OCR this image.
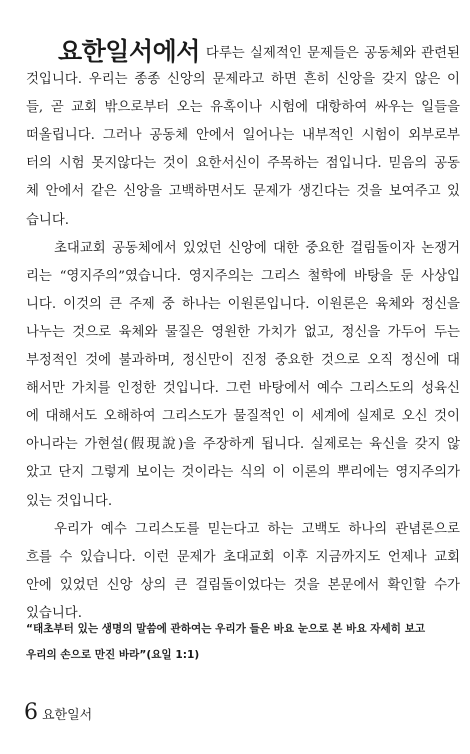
요한일서에서 다루는 실제적인 문제들은 공동체와 관련된
것입니다. 우리는 종종 신앙의 문제라고 하면 흔히 신앙을 갖지 않은 이
들, 곧 교회 밖으로부터 오는 유혹이나 시험에 대항하여 싸우는 일들을
떠올립니다. 그러나 공동체 안에서 일어나는 내부적인 시험이 외부로부
터의 시험 못지않다는 것이 요한서신이 주목하는 점입니다. 믿음의 공동
체 안에서 같은 신앙을 고백하면서도 문제가 생긴다는 것을 보여주고 있
습니다.
초대교회 공동체에서 있었던 신앙에 대한 중요한 걸림돌이자 논쟁거
리는 “영지주의”였습니다. 영지주의는 그리스 철학에 바탕을 둔 사상입
니다. 이것의 큰 주제 중 하나는 이원론입니다. 이원론은 육체와 정신을
나누는 것으로 육체와 물질은 영원한 가치가 없고, 정신을 가두어 두는
부정적인 것에 불과하며, 정신만이 진정 중요한 것으로 오직 정신에 대
해서만 가치를 인정한 것입니다. 그런 바탕에서 예수 그리스도의 성육신
에 대해서도 오해하여 그리스도가 물질적인 이 세계에 실제로 오신 것이
아니라는 가현설(假現說)을 주장하게 됩니다. 실제로는 육신을 갖지 않
았고 단지 그렇게 보이는 것이라는 식의 이 이론의 뿌리에는 영지주의가
있는 것입니다.
우리가 예수 그리스도를 믿는다고 하는 고백도 하나의 관념론으로
흐를 수 있습니다. 이런 문제가 초대교회 이후 지금까지도 언제나 교회
안에 있었던 신앙 상의 큰 걸림돌이었다는 것을 본문에서 확인할 수가
있습니다.
“태초부터 있는 생명의 말씀에 관하여는 우리가 들은 바요 눈으로 본 바요 자세히 보고
우리의 손으로 만진 바라”(요일 1:1)
6 요한일서
